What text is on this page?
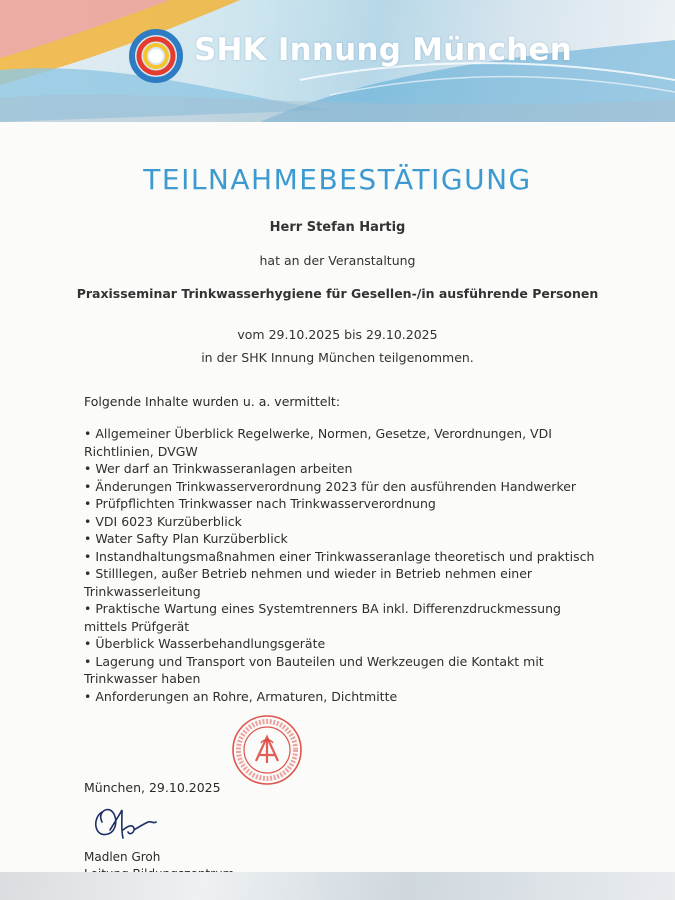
SHK Innung München
TEILNAHMEBESTÄTIGUNG
Herr Stefan Hartig
hat an der Veranstaltung
Praxisseminar Trinkwasserhygiene für Gesellen-/in ausführende Personen
vom 29.10.2025 bis 29.10.2025
in der SHK Innung München teilgenommen.
Folgende Inhalte wurden u. a. vermittelt:
• Allgemeiner Überblick Regelwerke, Normen, Gesetze, Verordnungen, VDI Richtlinien, DVGW
• Wer darf an Trinkwasseranlagen arbeiten
• Änderungen Trinkwasserverordnung 2023 für den ausführenden Handwerker
• Prüfpflichten Trinkwasser nach Trinkwasserverordnung
• VDI 6023 Kurzüberblick
• Water Safty Plan Kurzüberblick
• Instandhaltungsmaßnahmen einer Trinkwasseranlage theoretisch und praktisch
• Stilllegen, außer Betrieb nehmen und wieder in Betrieb nehmen einer Trinkwasserleitung
• Praktische Wartung eines Systemtrenners BA inkl. Differenzdruckmessung mittels Prüfgerät
• Überblick Wasserbehandlungsgeräte
• Lagerung und Transport von Bauteilen und Werkzeugen die Kontakt mit Trinkwasser haben
• Anforderungen an Rohre, Armaturen, Dichtmitte
München, 29.10.2025
Madlen Groh
